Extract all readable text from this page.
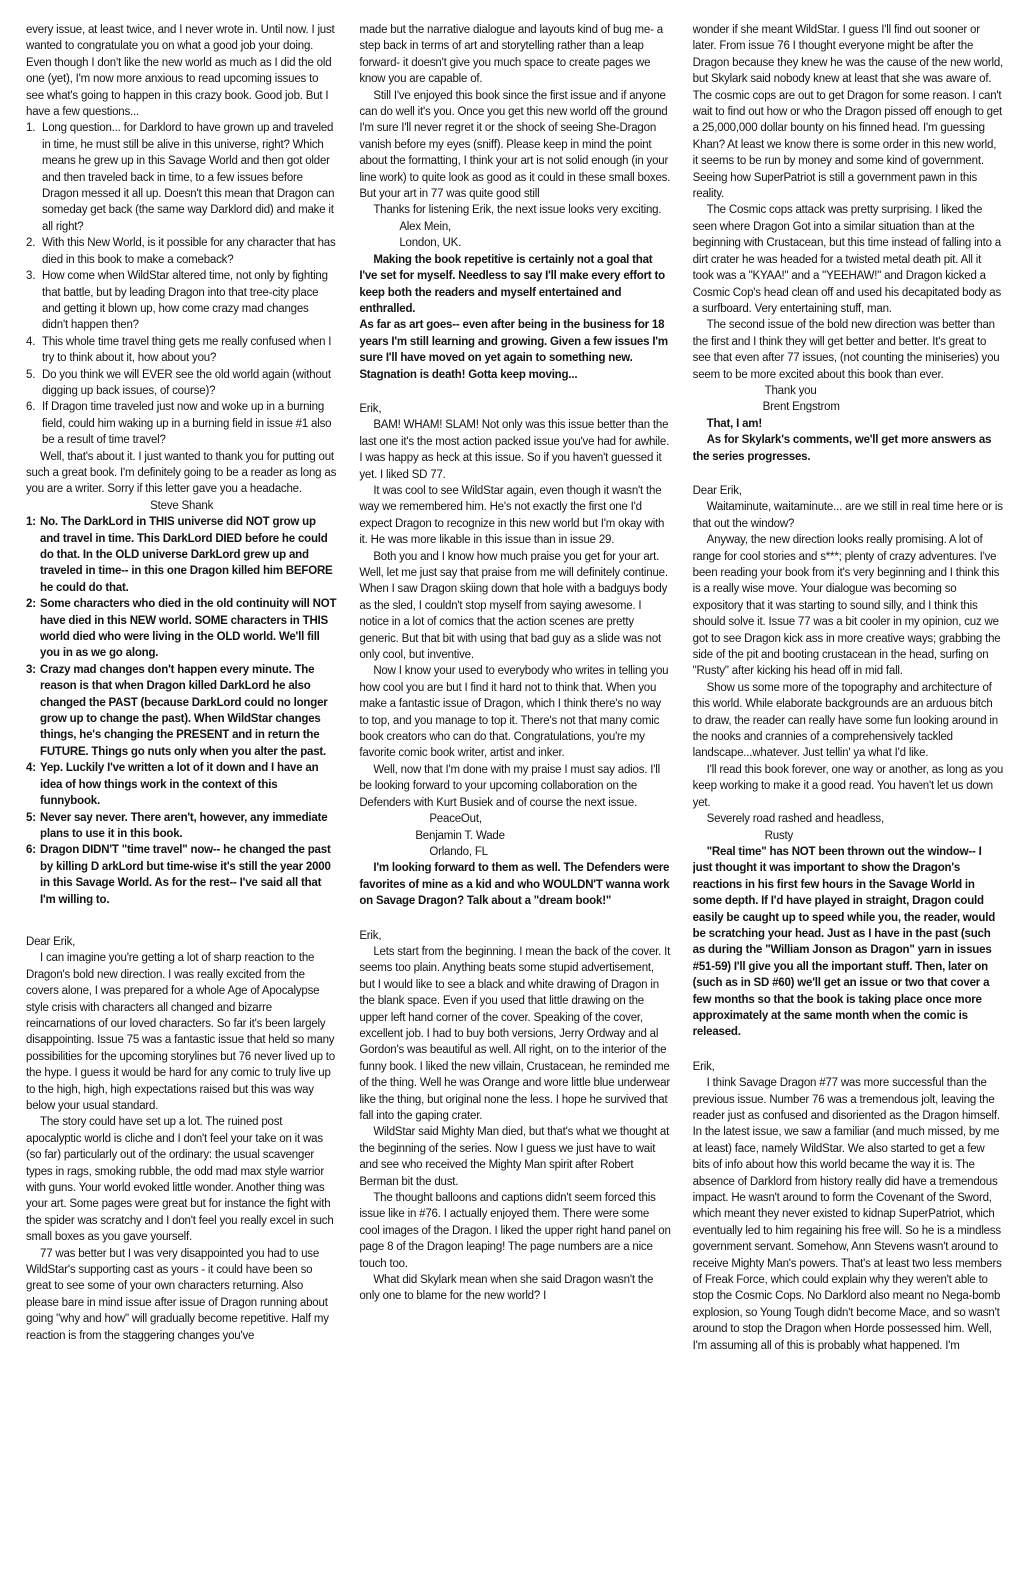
every issue, at least twice, and I never wrote in. Until now. I just wanted to congratulate you on what a good job your doing. Even though I don't like the new world as much as I did the old one (yet), I'm now more anxious to read upcoming issues to see what's going to happen in this crazy book. Good job. But I have a few questions...

1. Long question... for Darklord to have grown up and traveled in time, he must still be alive in this universe, right? Which means he grew up in this Savage World and then got older and then traveled back in time, to a few issues before Dragon messed it all up. Doesn't this mean that Dragon can someday get back (the same way Darklord did) and make it all right?
2. With this New World, is it possible for any character that has died in this book to make a comeback?
3. How come when WildStar altered time, not only by fighting that battle, but by leading Dragon into that tree-city place and getting it blown up, how come crazy mad changes didn't happen then?
4. This whole time travel thing gets me really confused when I try to think about it, how about you?
5. Do you think we will EVER see the old world again (without digging up back issues, of course)?
6. If Dragon time traveled just now and woke up in a burning field, could him waking up in a burning field in issue #1 also be a result of time travel?

Well, that's about it. I just wanted to thank you for putting out such a great book. I'm definitely going to be a reader as long as you are a writer. Sorry if this letter gave you a headache.

Steve Shank

1: No. The DarkLord in THIS universe did NOT grow up and travel in time. This DarkLord DIED before he could do that. In the OLD universe DarkLord grew up and traveled in time-- in this one Dragon killed him BEFORE he could do that.
2: Some characters who died in the old continuity will NOT have died in this NEW world. SOME characters in THIS world died who were living in the OLD world. We'll fill you in as we go along.
3: Crazy mad changes don't happen every minute. The reason is that when Dragon killed DarkLord he also changed the PAST (because DarkLord could no longer grow up to change the past). When WildStar changes things, he's changing the PRESENT and in return the FUTURE. Things go nuts only when you alter the past.
4: Yep. Luckily I've written a lot of it down and I have an idea of how things work in the context of this funnybook.
5: Never say never. There aren't, however, any immediate plans to use it in this book.
6: Dragon DIDN'T "time travel" now-- he changed the past by killing D arkLord but time-wise it's still the year 2000 in this Savage World. As for the rest-- I've said all that I'm willing to.

Dear Erik,

I can imagine you're getting a lot of sharp reaction to the Dragon's bold new direction. I was really excited from the covers alone, I was prepared for a whole Age of Apocalypse style crisis with characters all changed and bizarre reincarnations of our loved characters. So far it's been largely disappointing. Issue 75 was a fantastic issue that held so many possibilities for the upcoming storylines but 76 never lived up to the hype. I guess it would be hard for any comic to truly live up to the high, high, high expectations raised but this was way below your usual standard.

The story could have set up a lot. The ruined post apocalyptic world is cliche and I don't feel your take on it was (so far) particularly out of the ordinary: the usual scavenger types in rags, smoking rubble, the odd mad max style warrior with guns. Your world evoked little wonder. Another thing was your art. Some pages were great but for instance the fight with the spider was scratchy and I don't feel you really excel in such small boxes as you gave yourself.

77 was better but I was very disappointed you had to use WildStar's supporting cast as yours - it could have been so great to see some of your own characters returning. Also please bare in mind issue after issue of Dragon running about going "why and how" will gradually become repetitive. Half my reaction is from the staggering changes you've

made but the narrative dialogue and layouts kind of bug me- a step back in terms of art and storytelling rather than a leap forward- it doesn't give you much space to create pages we know you are capable of.

Still I've enjoyed this book since the first issue and if anyone can do well it's you. Once you get this new world off the ground I'm sure I'll never regret it or the shock of seeing She-Dragon vanish before my eyes (sniff). Please keep in mind the point about the formatting, I think your art is not solid enough (in your line work) to quite look as good as it could in these small boxes. But your art in 77 was quite good still

Thanks for listening Erik, the next issue looks very exciting.

Alex Mein,

London, UK.

Making the book repetitive is certainly not a goal that I've set for myself. Needless to say I'll make every effort to keep both the readers and myself entertained and enthralled.

As far as art goes-- even after being in the business for 18 years I'm still learning and growing. Given a few issues I'm sure I'll have moved on yet again to something new. Stagnation is death! Gotta keep moving...

Erik,

BAM! WHAM! SLAM! Not only was this issue better than the last one it's the most action packed issue you've had for awhile. I was happy as heck at this issue. So if you haven't guessed it yet. I liked SD 77.

It was cool to see WildStar again, even though it wasn't the way we remembered him. He's not exactly the first one I'd expect Dragon to recognize in this new world but I'm okay with it. He was more likable in this issue than in issue 29.

Both you and I know how much praise you get for your art. Well, let me just say that praise from me will definitely continue. When I saw Dragon skiing down that hole with a badguys body as the sled, I couldn't stop myself from saying awesome. I notice in a lot of comics that the action scenes are pretty generic. But that bit with using that bad guy as a slide was not only cool, but inventive.

Now I know your used to everybody who writes in telling you how cool you are but I find it hard not to think that. When you make a fantastic issue of Dragon, which I think there's no way to top, and you manage to top it. There's not that many comic book creators who can do that. Congratulations, you're my favorite comic book writer, artist and inker.

Well, now that I'm done with my praise I must say adios. I'll be looking forward to your upcoming collaboration on the Defenders with Kurt Busiek and of course the next issue.

PeaceOut,

Benjamin T. Wade

Orlando, FL

I'm looking forward to them as well. The Defenders were favorites of mine as a kid and who WOULDN'T wanna work on Savage Dragon? Talk about a "dream book!"

Erik,

Lets start from the beginning. I mean the back of the cover. It seems too plain. Anything beats some stupid advertisement, but I would like to see a black and white drawing of Dragon in the blank space. Even if you used that little drawing on the upper left hand corner of the cover. Speaking of the cover, excellent job. I had to buy both versions, Jerry Ordway and al Gordon's was beautiful as well. All right, on to the interior of the funny book. I liked the new villain, Crustacean, he reminded me of the thing. Well he was Orange and wore little blue underwear like the thing, but original none the less. I hope he survived that fall into the gaping crater.

WildStar said Mighty Man died, but that's what we thought at the beginning of the series. Now I guess we just have to wait and see who received the Mighty Man spirit after Robert Berman bit the dust.

The thought balloons and captions didn't seem forced this issue like in #76. I actually enjoyed them. There were some cool images of the Dragon. I liked the upper right hand panel on page 8 of the Dragon leaping! The page numbers are a nice touch too.

What did Skylark mean when she said Dragon wasn't the only one to blame for the new world? I

wonder if she meant WildStar. I guess I'll find out sooner or later. From issue 76 I thought everyone might be after the Dragon because they knew he was the cause of the new world, but Skylark said nobody knew at least that she was aware of. The cosmic cops are out to get Dragon for some reason. I can't wait to find out how or who the Dragon pissed off enough to get a 25,000,000 dollar bounty on his finned head. I'm guessing Khan? At least we know there is some order in this new world, it seems to be run by money and some kind of government. Seeing how SuperPatriot is still a government pawn in this reality.

The Cosmic cops attack was pretty surprising. I liked the seen where Dragon Got into a similar situation than at the beginning with Crustacean, but this time instead of falling into a dirt crater he was headed for a twisted metal death pit. All it took was a "KYAA!" and a "YEEHAW!" and Dragon kicked a Cosmic Cop's head clean off and used his decapitated body as a surfboard. Very entertaining stuff, man.

The second issue of the bold new direction was better than the first and I think they will get better and better. It's great to see that even after 77 issues, (not counting the miniseries) you seem to be more excited about this book than ever.

Thank you

Brent Engstrom

That, I am!

As for Skylark's comments, we'll get more answers as the series progresses.

Dear Erik,

Waitaminute, waitaminute... are we still in real time here or is that out the window?

Anyway, the new direction looks really promising. A lot of range for cool stories and s***; plenty of crazy adventures. I've been reading your book from it's very beginning and I think this is a really wise move. Your dialogue was becoming so expository that it was starting to sound silly, and I think this should solve it. Issue 77 was a bit cooler in my opinion, cuz we got to see Dragon kick ass in more creative ways; grabbing the side of the pit and booting crustacean in the head, surfing on "Rusty" after kicking his head off in mid fall.

Show us some more of the topography and architecture of this world. While elaborate backgrounds are an arduous bitch to draw, the reader can really have some fun looking around in the nooks and crannies of a comprehensively tackled landscape...whatever. Just tellin' ya what I'd like.

I'll read this book forever, one way or another, as long as you keep working to make it a good read. You haven't let us down yet.

Severely road rashed and headless,

Rusty

"Real time" has NOT been thrown out the window-- I just thought it was important to show the Dragon's reactions in his first few hours in the Savage World in some depth. If I'd have played in straight, Dragon could easily be caught up to speed while you, the reader, would be scratching your head. Just as I have in the past (such as during the "William Jonson as Dragon" yarn in issues #51-59) I'll give you all the important stuff. Then, later on (such as in SD #60) we'll get an issue or two that cover a few months so that the book is taking place once more approximately at the same month when the comic is released.

Erik,

I think Savage Dragon #77 was more successful than the previous issue. Number 76 was a tremendous jolt, leaving the reader just as confused and disoriented as the Dragon himself. In the latest issue, we saw a familiar (and much missed, by me at least) face, namely WildStar. We also started to get a few bits of info about how this world became the way it is. The absence of Darklord from history really did have a tremendous impact. He wasn't around to form the Covenant of the Sword, which meant they never existed to kidnap SuperPatriot, which eventually led to him regaining his free will. So he is a mindless government servant. Somehow, Ann Stevens wasn't around to receive Mighty Man's powers. That's at least two less members of Freak Force, which could explain why they weren't able to stop the Cosmic Cops. No Darklord also meant no Nega-bomb explosion, so Young Tough didn't become Mace, and so wasn't around to stop the Dragon when Horde possessed him. Well, I'm assuming all of this is probably what happened. I'm
